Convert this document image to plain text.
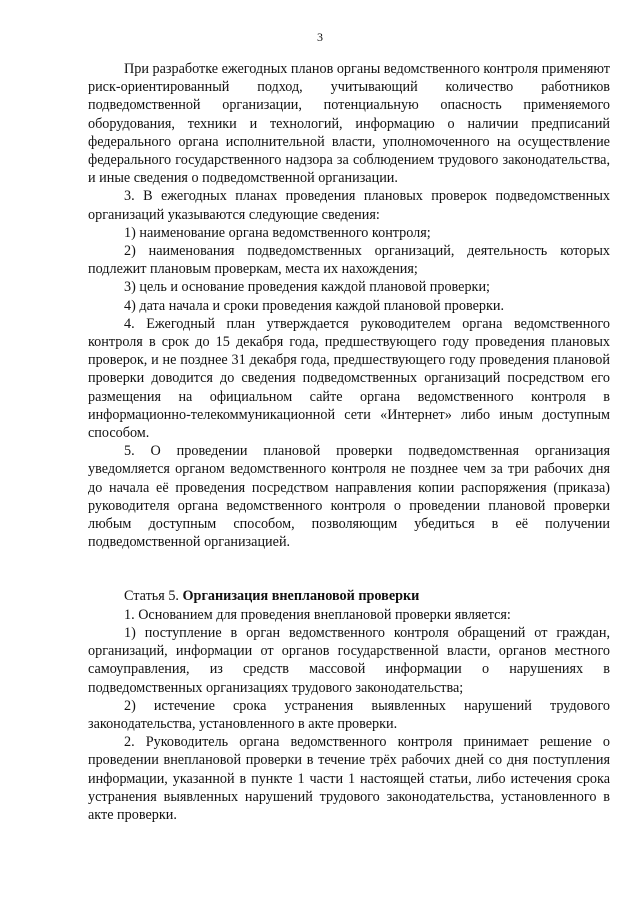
3

При разработке ежегодных планов органы ведомственного контроля применяют риск-ориентированный подход, учитывающий количество работников подведомственной организации, потенциальную опасность применяемого оборудования, техники и технологий, информацию о наличии предписаний федерального органа исполнительной власти, уполномоченного на осуществление федерального государственного надзора за соблюдением трудового законодательства, и иные сведения о подведомственной организации.

3. В ежегодных планах проведения плановых проверок подведомственных организаций указываются следующие сведения:

1) наименование органа ведомственного контроля;

2) наименования подведомственных организаций, деятельность которых подлежит плановым проверкам, места их нахождения;

3) цель и основание проведения каждой плановой проверки;

4) дата начала и сроки проведения каждой плановой проверки.

4. Ежегодный план утверждается руководителем органа ведомственного контроля в срок до 15 декабря года, предшествующего году проведения плановых проверок, и не позднее 31 декабря года, предшествующего году проведения плановой проверки доводится до сведения подведомственных организаций посредством его размещения на официальном сайте органа ведомственного контроля в информационно-телекоммуникационной сети «Интернет» либо иным доступным способом.

5. О проведении плановой проверки подведомственная организация уведомляется органом ведомственного контроля не позднее чем за три рабочих дня до начала её проведения посредством направления копии распоряжения (приказа) руководителя органа ведомственного контроля о проведении плановой проверки любым доступным способом, позволяющим убедиться в её получении подведомственной организацией.

Статья 5. Организация внеплановой проверки

1. Основанием для проведения внеплановой проверки является:

1) поступление в орган ведомственного контроля обращений от граждан, организаций, информации от органов государственной власти, органов местного самоуправления, из средств массовой информации о нарушениях в подведомственных организациях трудового законодательства;

2) истечение срока устранения выявленных нарушений трудового законодательства, установленного в акте проверки.

2. Руководитель органа ведомственного контроля принимает решение о проведении внеплановой проверки в течение трёх рабочих дней со дня поступления информации, указанной в пункте 1 части 1 настоящей статьи, либо истечения срока устранения выявленных нарушений трудового законодательства, установленного в акте проверки.
